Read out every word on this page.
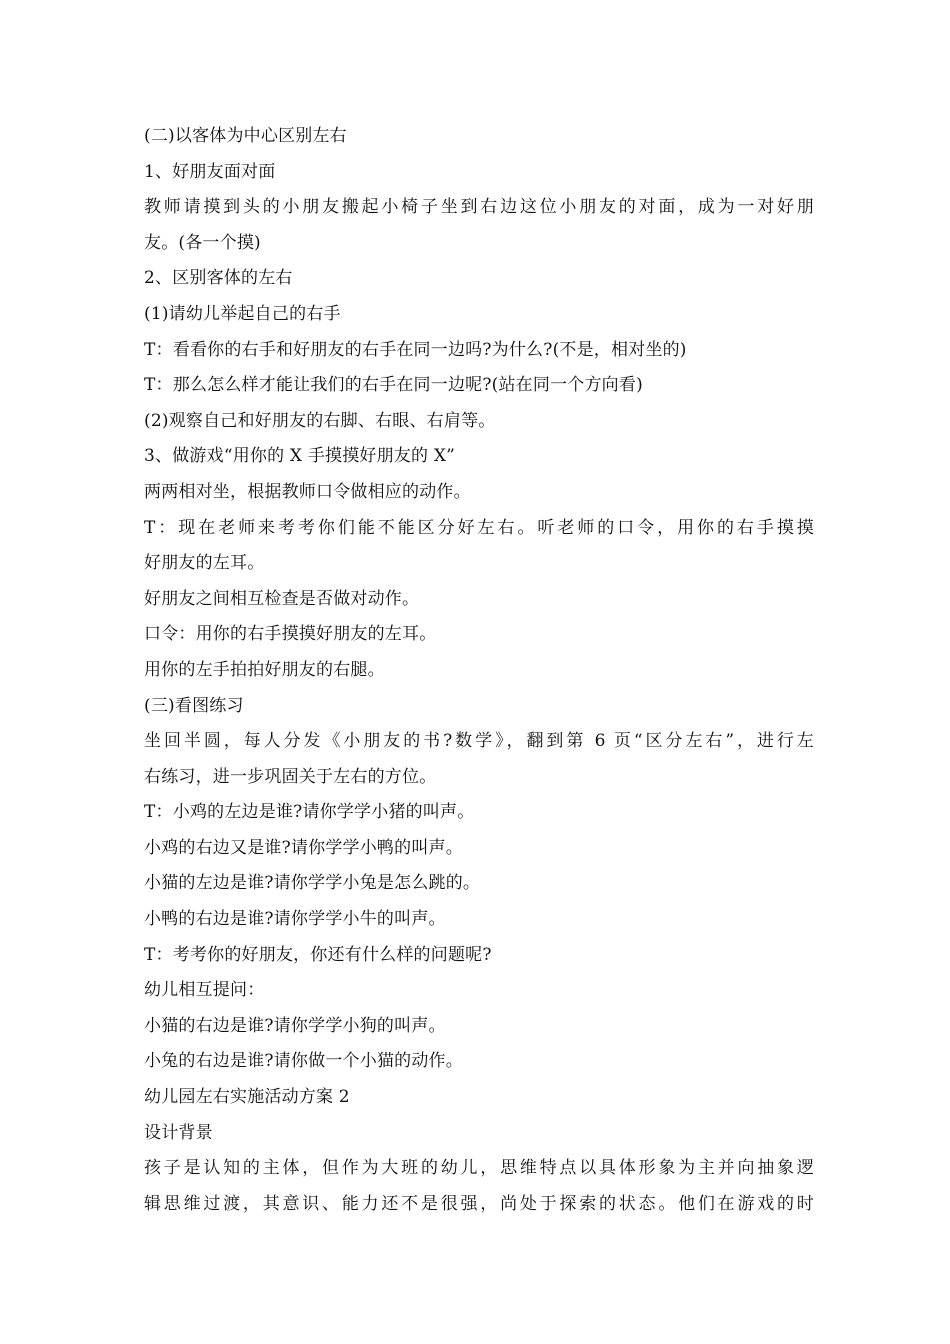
(二)以客体为中心区别左右
1、好朋友面对面
教师请摸到头的小朋友搬起小椅子坐到右边这位小朋友的对面，成为一对好朋
友。(各一个摸)
2、区别客体的左右
(1)请幼儿举起自己的右手
T：看看你的右手和好朋友的右手在同一边吗?为什么?(不是，相对坐的)
T：那么怎么样才能让我们的右手在同一边呢?(站在同一个方向看)
(2)观察自己和好朋友的右脚、右眼、右肩等。
3、做游戏“用你的 X 手摸摸好朋友的 X”
两两相对坐，根据教师口令做相应的动作。
T：现在老师来考考你们能不能区分好左右。听老师的口令，用你的右手摸摸
好朋友的左耳。
好朋友之间相互检查是否做对动作。
口令：用你的右手摸摸好朋友的左耳。
用你的左手拍拍好朋友的右腿。
(三)看图练习
坐回半圆，每人分发《小朋友的书?数学》，翻到第 6 页“区分左右”，进行左
右练习，进一步巩固关于左右的方位。
T：小鸡的左边是谁?请你学学小猪的叫声。
小鸡的右边又是谁?请你学学小鸭的叫声。
小猫的左边是谁?请你学学小兔是怎么跳的。
小鸭的右边是谁?请你学学小牛的叫声。
T：考考你的好朋友，你还有什么样的问题呢?
幼儿相互提问：
小猫的右边是谁?请你学学小狗的叫声。
小兔的右边是谁?请你做一个小猫的动作。
幼儿园左右实施活动方案 2
设计背景
孩子是认知的主体，但作为大班的幼儿，思维特点以具体形象为主并向抽象逻
辑思维过渡，其意识、能力还不是很强，尚处于探索的状态。他们在游戏的时
